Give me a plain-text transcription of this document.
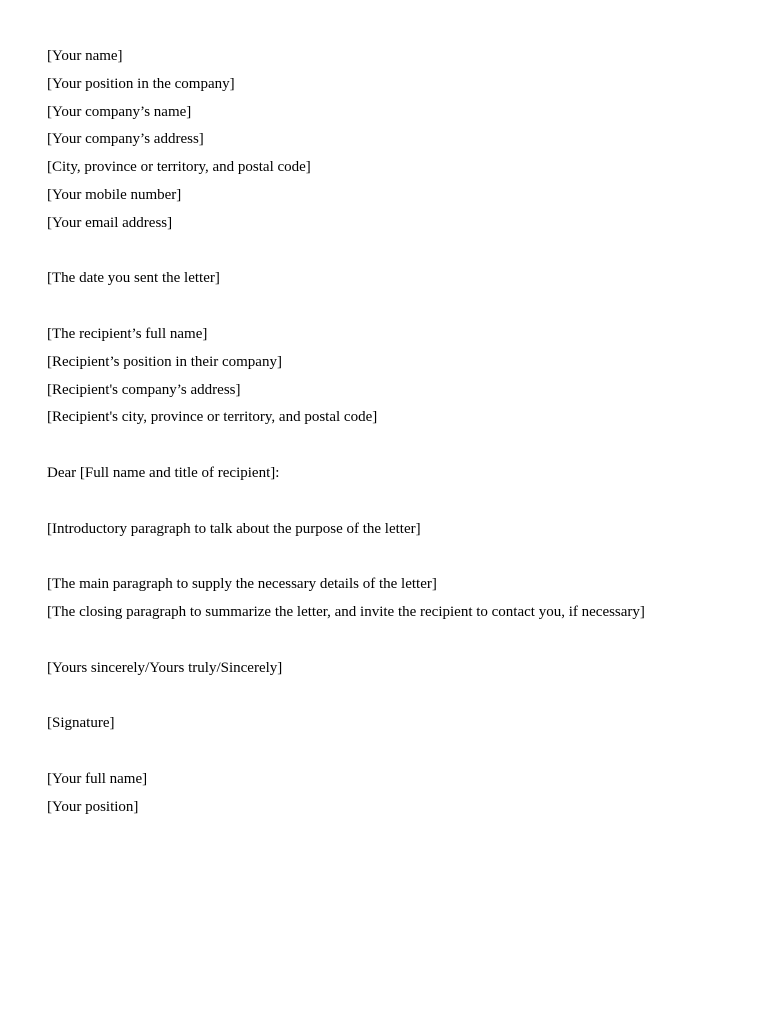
[Your name]
[Your position in the company]
[Your company’s name]
[Your company’s address]
[City, province or territory, and postal code]
[Your mobile number]
[Your email address]
[The date you sent the letter]
[The recipient’s full name]
[Recipient’s position in their company]
[Recipient's company’s address]
[Recipient's city, province or territory, and postal code]
Dear [Full name and title of recipient]:
[Introductory paragraph to talk about the purpose of the letter]
[The main paragraph to supply the necessary details of the letter]
[The closing paragraph to summarize the letter, and invite the recipient to contact you, if necessary]
[Yours sincerely/Yours truly/Sincerely]
[Signature]
[Your full name]
[Your position]
